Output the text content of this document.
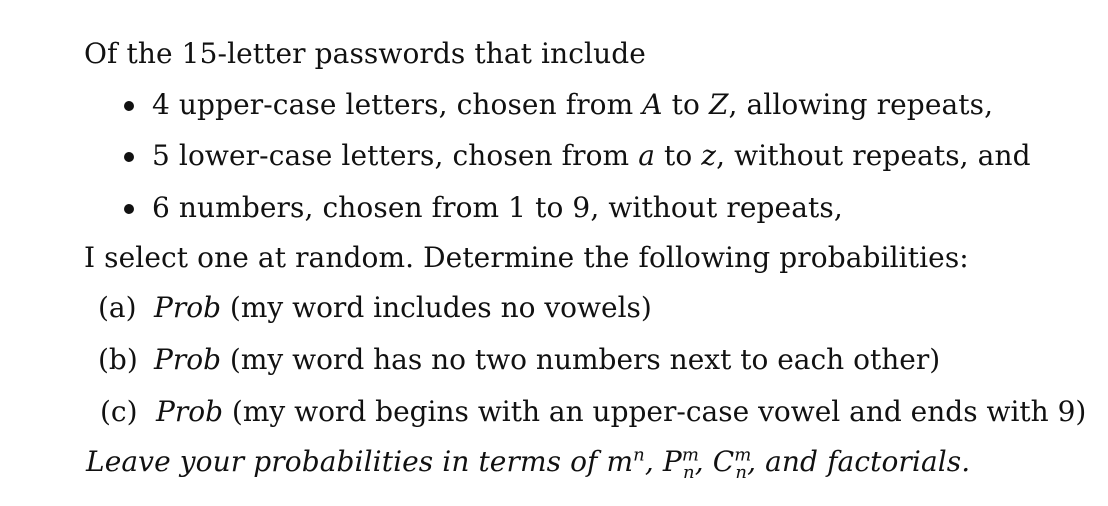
Of the 15-letter passwords that include
4 upper-case letters, chosen from A to Z, allowing repeats,
5 lower-case letters, chosen from a to z, without repeats, and
6 numbers, chosen from 1 to 9, without repeats,
I select one at random. Determine the following probabilities:
(a) Prob (my word includes no vowels)
(b) Prob (my word has no two numbers next to each other)
(c) Prob (my word begins with an upper-case vowel and ends with 9)
Leave your probabilities in terms of $m^n$, $P^m_n$, $C^m_n$, and factorials.
